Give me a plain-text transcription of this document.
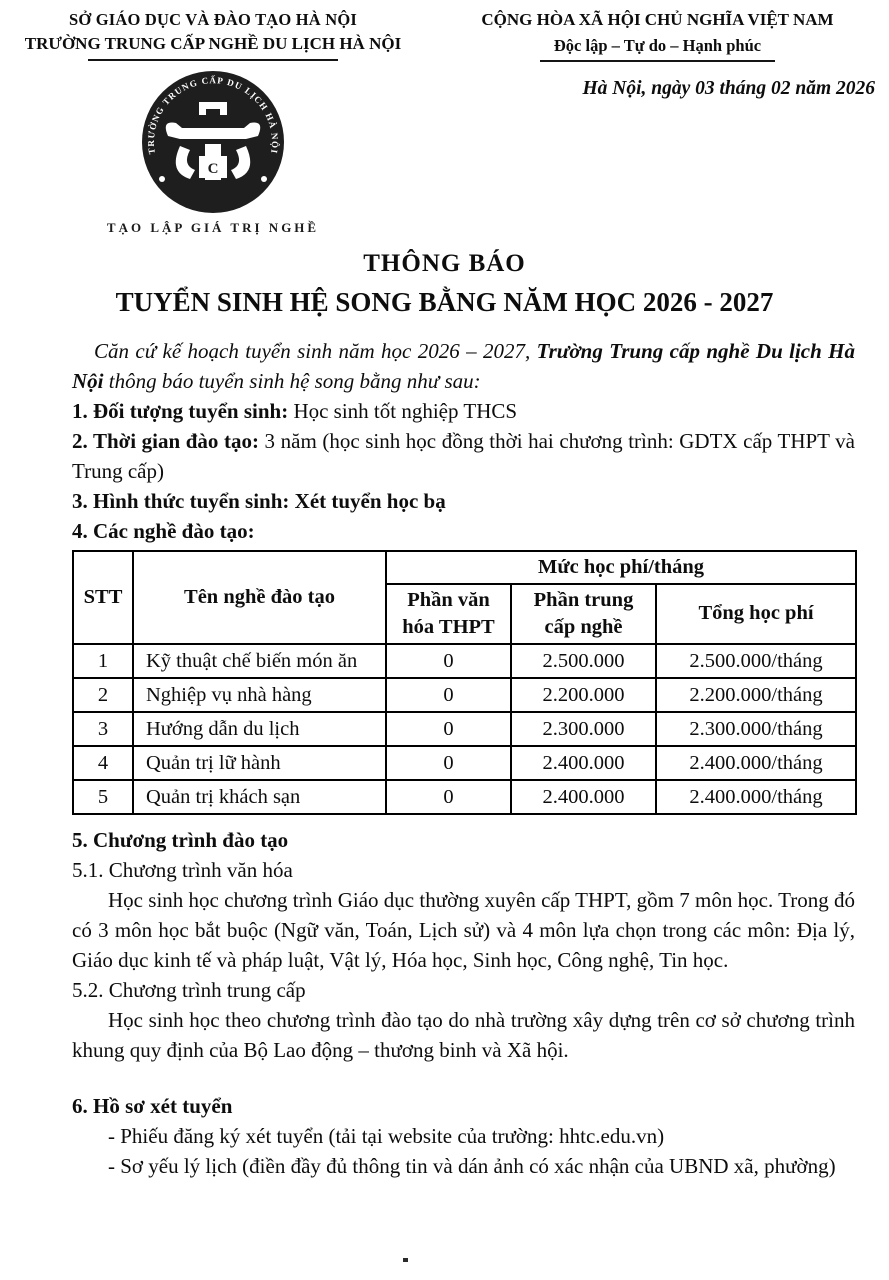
SỞ GIÁO DỤC VÀ ĐÀO TẠO HÀ NỘI
TRƯỜNG TRUNG CẤP NGHỀ DU LỊCH HÀ NỘI
CỘNG HÒA XÃ HỘI CHỦ NGHĨA VIỆT NAM
Độc lập – Tự do – Hạnh phúc
TRƯỜNG TRUNG CẤP DU LỊCH HÀ NỘI
C
TẠO LẬP GIÁ TRỊ NGHỀ
Hà Nội, ngày 03 tháng 02 năm 2026
THÔNG BÁO
TUYỂN SINH HỆ SONG BẰNG NĂM HỌC 2026 - 2027

Căn cứ kế hoạch tuyển sinh năm học 2026 – 2027, Trường Trung cấp nghề Du lịch Hà Nội thông báo tuyển sinh hệ song bằng như sau:

1. Đối tượng tuyển sinh: Học sinh tốt nghiệp THCS

2. Thời gian đào tạo: 3 năm (học sinh học đồng thời hai chương trình: GDTX cấp THPT và Trung cấp)

3. Hình thức tuyển sinh: Xét tuyển học bạ

4. Các nghề đào tạo:

STT	Tên nghề đào tạo	Mức học phí/tháng		
		Phần văn hóa THPT	Phần trung cấp nghề	Tổng học phí
1	Kỹ thuật chế biến món ăn	0	2.500.000	2.500.000/tháng
2	Nghiệp vụ nhà hàng	0	2.200.000	2.200.000/tháng
3	Hướng dẫn du lịch	0	2.300.000	2.300.000/tháng
4	Quản trị lữ hành	0	2.400.000	2.400.000/tháng
5	Quản trị khách sạn	0	2.400.000	2.400.000/tháng

5. Chương trình đào tạo

5.1. Chương trình văn hóa

Học sinh học chương trình Giáo dục thường xuyên cấp THPT, gồm 7 môn học. Trong đó có 3 môn học bắt buộc (Ngữ văn, Toán, Lịch sử) và 4 môn lựa chọn trong các môn: Địa lý, Giáo dục kinh tế và pháp luật, Vật lý, Hóa học, Sinh học, Công nghệ, Tin học.

5.2. Chương trình trung cấp

Học sinh học theo chương trình đào tạo do nhà trường xây dựng trên cơ sở chương trình khung quy định của Bộ Lao động – thương binh và Xã hội.

6. Hồ sơ xét tuyển

- Phiếu đăng ký xét tuyển (tải tại website của trường: hhtc.edu.vn)

- Sơ yếu lý lịch (điền đầy đủ thông tin và dán ảnh có xác nhận của UBND xã, phường)
